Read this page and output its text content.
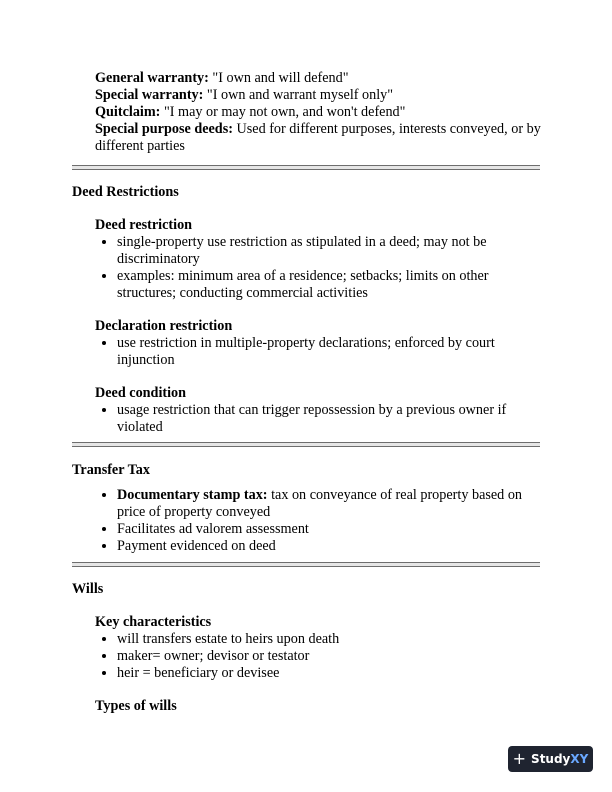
General warranty: "I own and will defend"

Special warranty: "I own and warrant myself only"

Quitclaim: "I may or may not own, and won't defend"

Special purpose deeds: Used for different purposes, interests conveyed, or by different parties

Deed Restrictions
Deed restriction
• single-property use restriction as stipulated in a deed; may not be discriminatory
• examples: minimum area of a residence; setbacks; limits on other structures; conducting commercial activities
Declaration restriction
• use restriction in multiple-property declarations; enforced by court injunction
Deed condition
• usage restriction that can trigger repossession by a previous owner if violated
Transfer Tax
• Documentary stamp tax: tax on conveyance of real property based on price of property conveyed
• Facilitates ad valorem assessment
• Payment evidenced on deed
Wills
Key characteristics
• will transfers estate to heirs upon death
• maker= owner; devisor or testator
• heir = beneficiary or devisee
Types of wills
+ StudyXY
